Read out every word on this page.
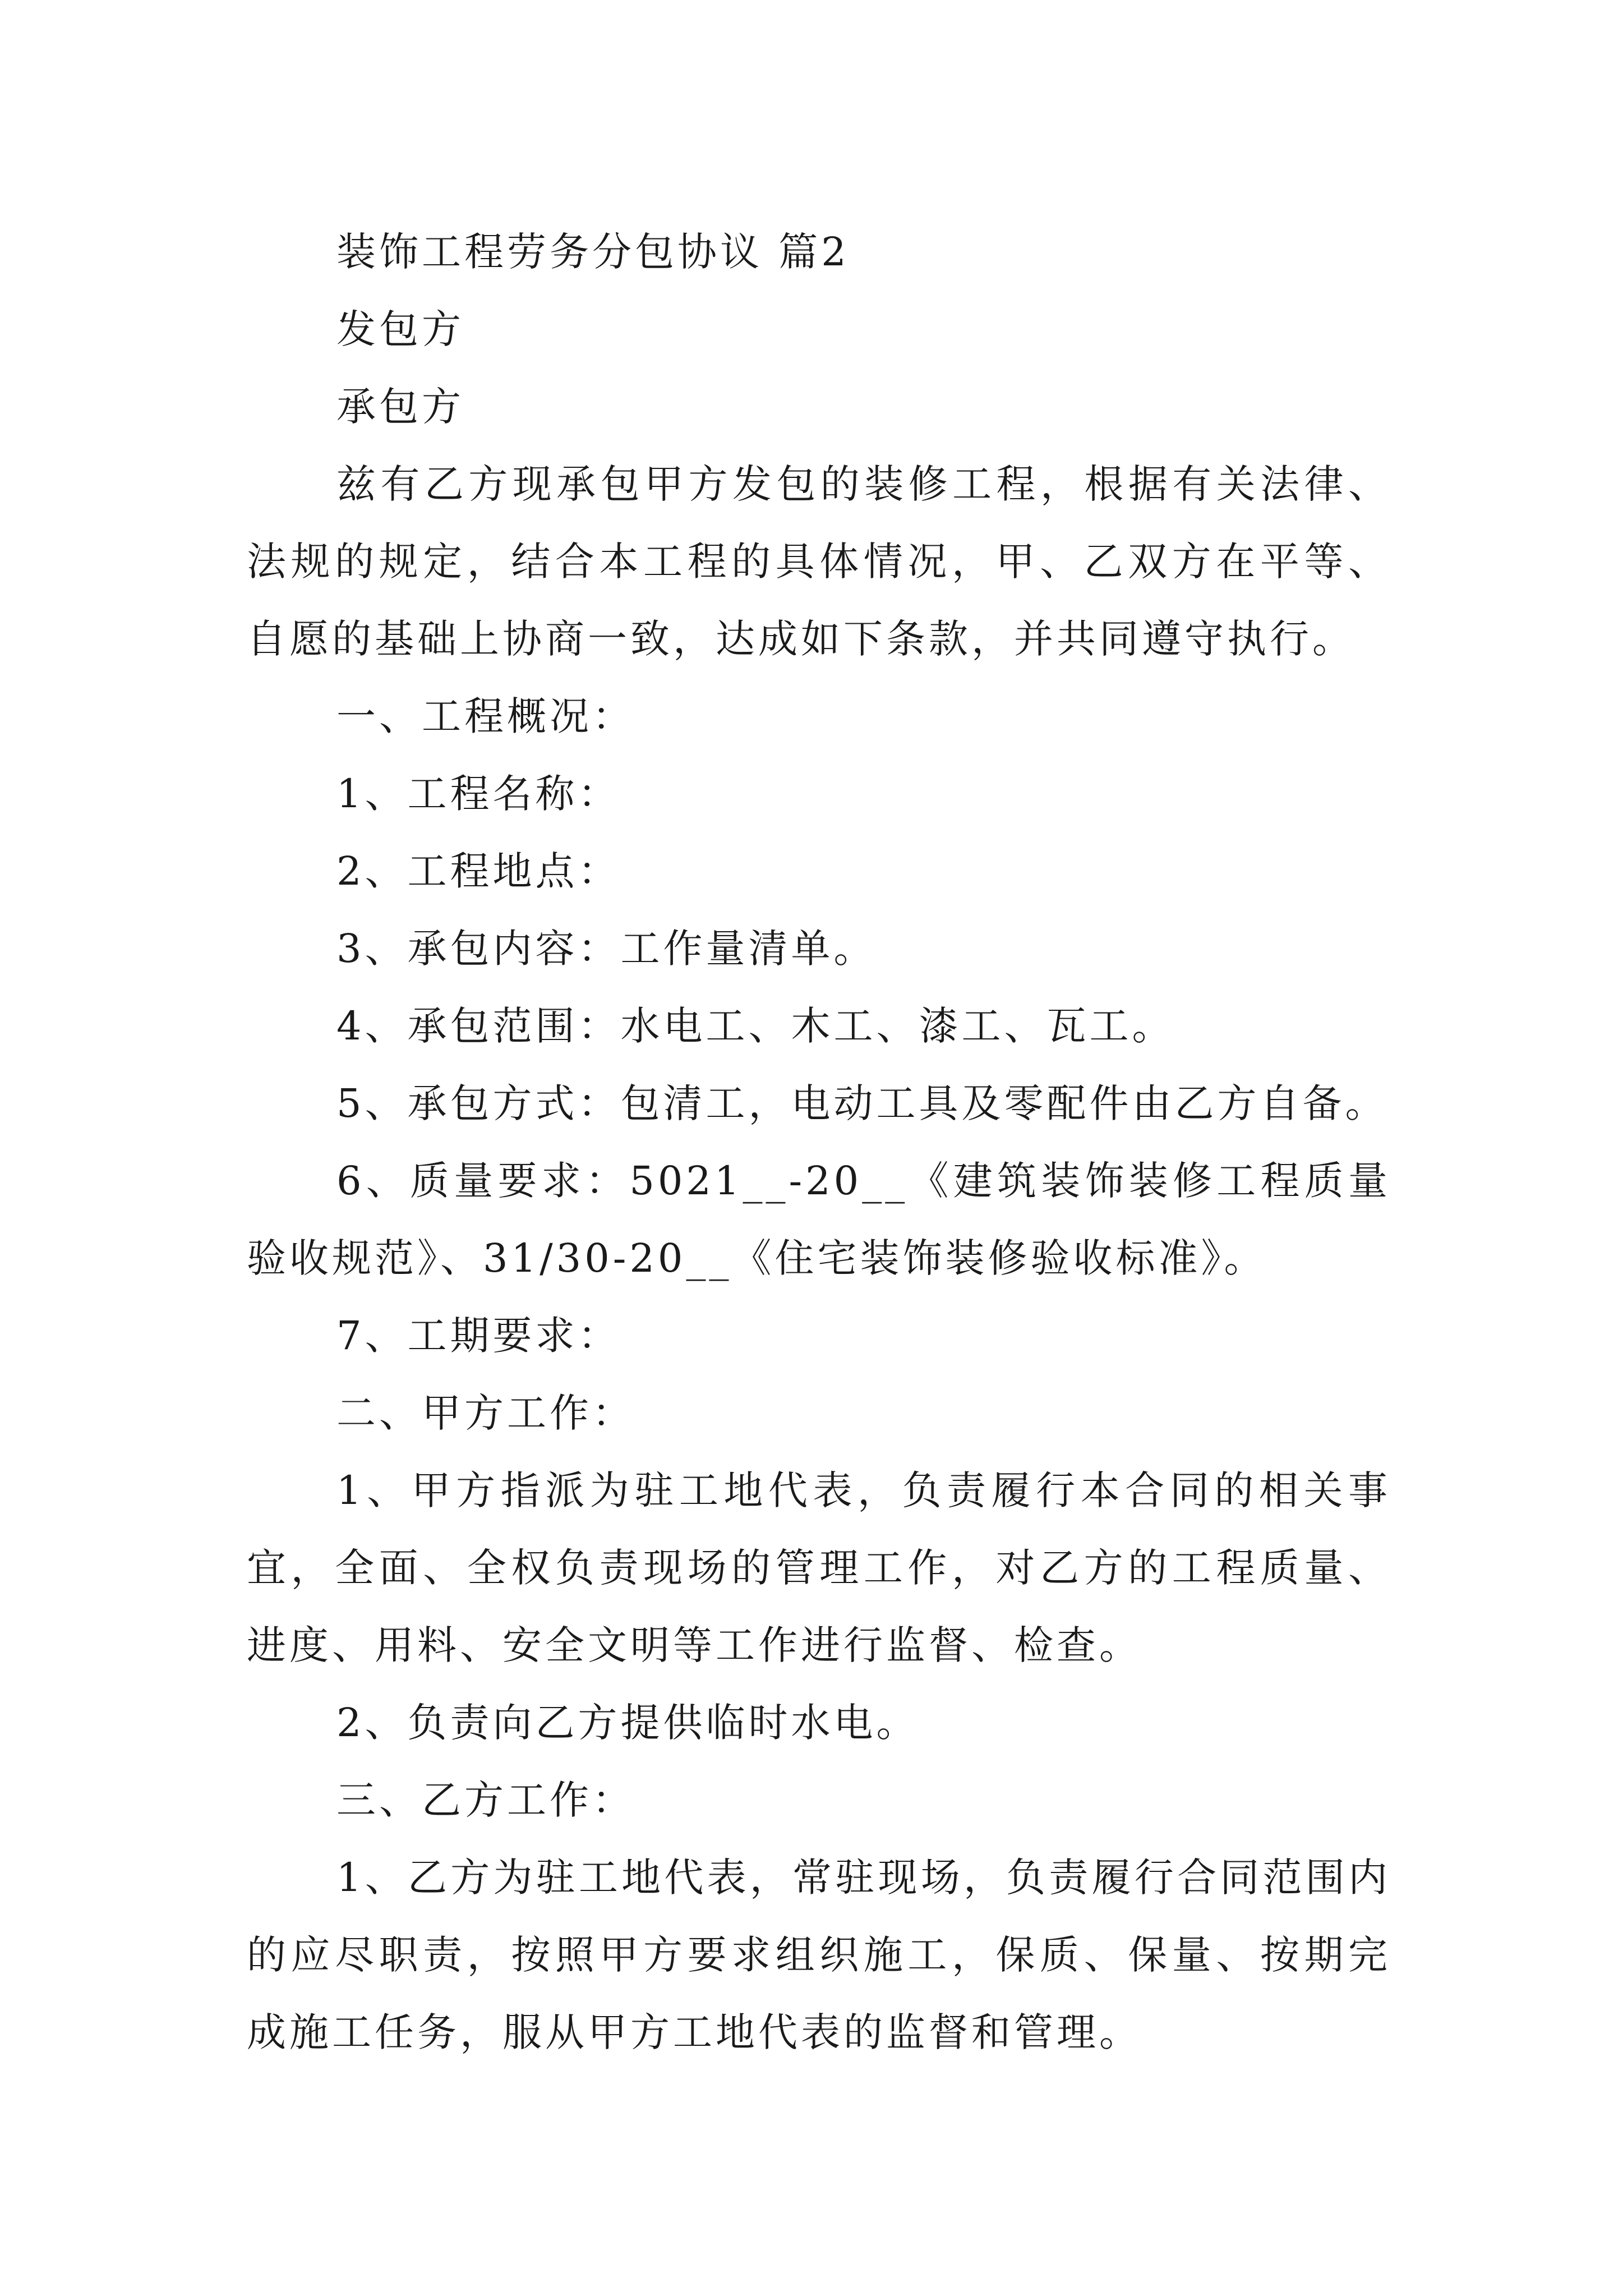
装饰工程劳务分包协议 篇2

发包方

承包方

兹有乙方现承包甲方发包的装修工程，根据有关法律、法规的规定，结合本工程的具体情况，甲、乙双方在平等、自愿的基础上协商一致，达成如下条款，并共同遵守执行。

一、工程概况：

1、工程名称：

2、工程地点：

3、承包内容：工作量清单。

4、承包范围：水电工、木工、漆工、瓦工。

5、承包方式：包清工，电动工具及零配件由乙方自备。

6、质量要求：5021__-20__《建筑装饰装修工程质量验收规范》、31/30-20__《住宅装饰装修验收标准》。

7、工期要求：

二、甲方工作：

1、甲方指派为驻工地代表，负责履行本合同的相关事宜，全面、全权负责现场的管理工作，对乙方的工程质量、进度、用料、安全文明等工作进行监督、检查。

2、负责向乙方提供临时水电。

三、乙方工作：

1、乙方为驻工地代表，常驻现场，负责履行合同范围内的应尽职责，按照甲方要求组织施工，保质、保量、按期完成施工任务，服从甲方工地代表的监督和管理。
